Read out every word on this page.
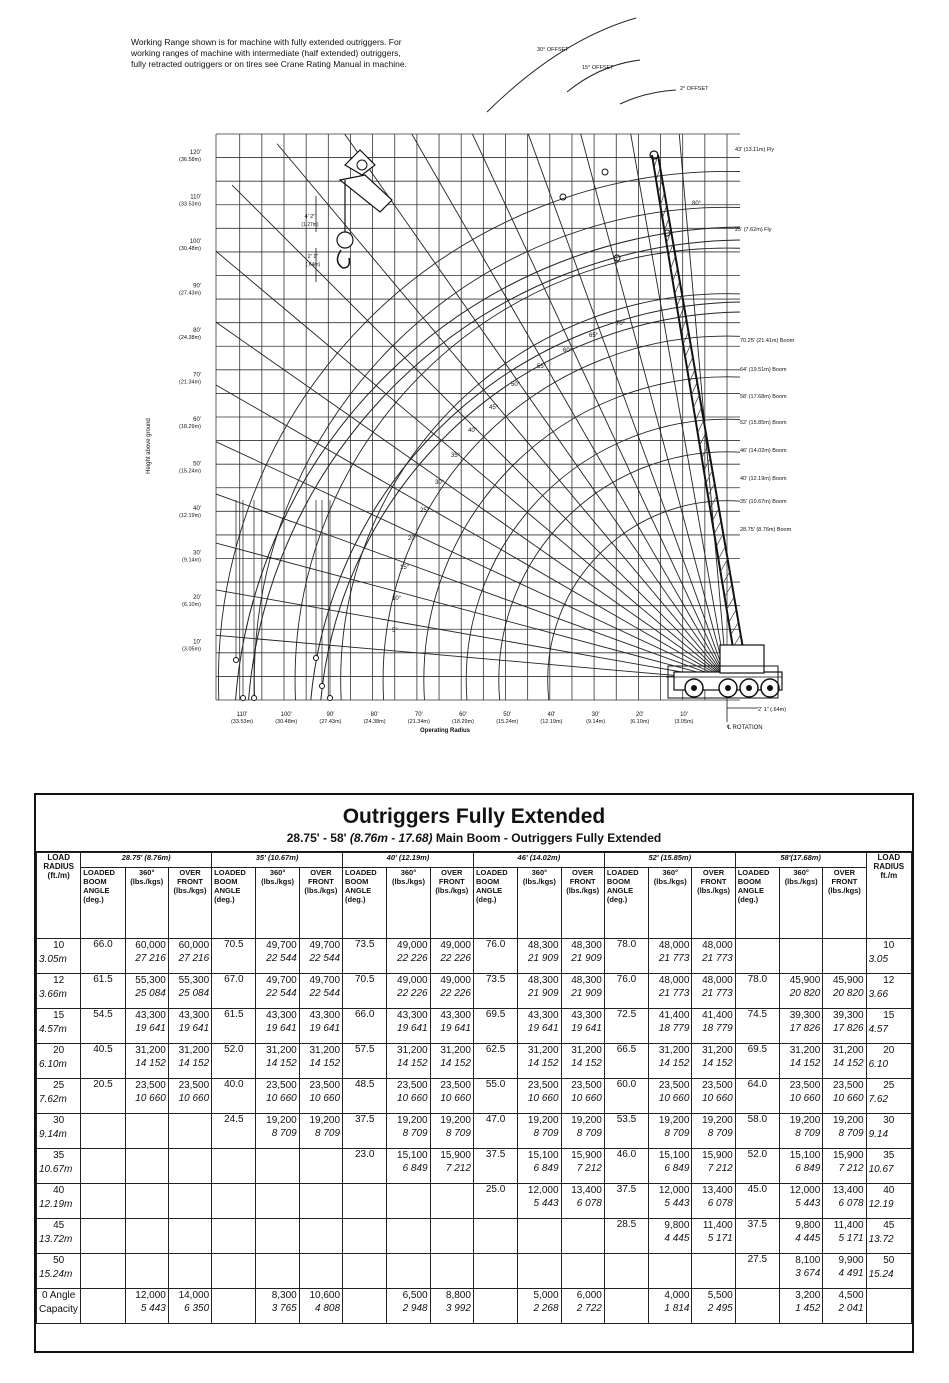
Working Range shown is for machine with fully extended outriggers. For
working ranges of machine with intermediate (half extended) outriggers,
fully retracted outriggers or on tires see Crane Rating Manual in machine.
120'
(36.58m)
110'
(33.53m)
100'
(30.48m)
90'
(27.43m)
80'
(24.38m)
70'
(21.34m)
60'
(18.29m)
50'
(15.24m)
40'
(12.19m)
30'
(9.14m)
20'
(6.10m)
10'
(3.05m)
110'
(33.53m)
100'
(30.48m)
90'
(27.43m)
80'
(24.38m)
70'
(21.34m)
60'
(18.29m)
50'
(15.24m)
40'
(12.19m)
30'
(9.14m)
20'
(6.10m)
10'
(3.05m)
Operating Radius
Height above ground
43' (13.11m) Fly
25' (7.62m) Fly
70.25' (21.41m) Boom
64' (19.51m) Boom
58' (17.68m) Boom
52' (15.85m) Boom
46' (14.02m) Boom
40' (12.19m) Boom
35' (10.67m) Boom
28.75' (8.76m) Boom
5°
10°
15°
20°
25°
30°
35°
40°
45°
50°
55°
60°
65°
70°
80°
30° OFFSET
15° OFFSET
2° OFFSET
2' 1" (.64m)
℄ ROTATION
4' 2"
(1.27m)
2' 1"
(.64m)
Outriggers Fully Extended
28.75' - 58' (8.76m - 17.68) Main Boom - Outriggers Fully Extended
LOAD
RADIUS
(ft./m)	28.75' (8.76m)			35' (10.67m)			40' (12.19m)			46' (14.02m)			52' (15.85m)			58'(17.68m)			LOAD
RADIUS
ft./m
	LOADED
BOOM
ANGLE
(deg.)	360°
(lbs./kgs)	OVER
FRONT
(lbs./kgs)	LOADED
BOOM
ANGLE
(deg.)	360°
(lbs./kgs)	OVER
FRONT
(lbs./kgs)	LOADED
BOOM
ANGLE
(deg.)	360°
(lbs./kgs)	OVER
FRONT
(lbs./kgs)	LOADED
BOOM
ANGLE
(deg.)	360°
(lbs./kgs)	OVER
FRONT
(lbs./kgs)	LOADED
BOOM
ANGLE
(deg.)	360°
(lbs./kgs)	OVER
FRONT
(lbs./kgs)	LOADED
BOOM
ANGLE
(deg.)	360°
(lbs./kgs)	OVER
FRONT
(lbs./kgs)	
10
3.05m	66.0	60,000
27 216	60,000
27 216	70.5	49,700
22 544	49,700
22 544	73.5	49,000
22 226	49,000
22 226	76.0	48,300
21 909	48,300
21 909	78.0	48,000
21 773	48,000
21 773				10
3.05

12
3.66m	61.5	55,300
25 084	55,300
25 084	67.0	49,700
22 544	49,700
22 544	70.5	49,000
22 226	49,000
22 226	73.5	48,300
21 909	48,300
21 909	76.0	48,000
21 773	48,000
21 773	78.0	45,900
20 820	45,900
20 820	12
3.66

15
4.57m	54.5	43,300
19 641	43,300
19 641	61.5	43,300
19 641	43,300
19 641	66.0	43,300
19 641	43,300
19 641	69.5	43,300
19 641	43,300
19 641	72.5	41,400
18 779	41,400
18 779	74.5	39,300
17 826	39,300
17 826	15
4.57

20
6.10m	40.5	31,200
14 152	31,200
14 152	52.0	31,200
14 152	31,200
14 152	57.5	31,200
14 152	31,200
14 152	62.5	31,200
14 152	31,200
14 152	66.5	31,200
14 152	31,200
14 152	69.5	31,200
14 152	31,200
14 152	20
6.10

25
7.62m	20.5	23,500
10 660	23,500
10 660	40.0	23,500
10 660	23,500
10 660	48.5	23,500
10 660	23,500
10 660	55.0	23,500
10 660	23,500
10 660	60.0	23,500
10 660	23,500
10 660	64.0	23,500
10 660	23,500
10 660	25
7.62

30
9.14m				24.5	19,200
8 709	19,200
8 709	37.5	19,200
8 709	19,200
8 709	47.0	19,200
8 709	19,200
8 709	53.5	19,200
8 709	19,200
8 709	58.0	19,200
8 709	19,200
8 709	30
9.14

35
10.67m							23.0	15,100
6 849	15,900
7 212	37.5	15,100
6 849	15,900
7 212	46.0	15,100
6 849	15,900
7 212	52.0	15,100
6 849	15,900
7 212	35
10.67

40
12.19m										25.0	12,000
5 443	13,400
6 078	37.5	12,000
5 443	13,400
6 078	45.0	12,000
5 443	13,400
6 078	40
12.19

45
13.72m													28.5	9,800
4 445	11,400
5 171	37.5	9,800
4 445	11,400
5 171	45
13.72

50
15.24m																27.5	8,100
3 674	9,900
4 491	50
15.24

0 Angle
Capacity		12,000
5 443	14,000
6 350		8,300
3 765	10,600
4 808		6,500
2 948	8,800
3 992		5,000
2 268	6,000
2 722		4,000
1 814	5,500
2 495		3,200
1 452	4,500
2 041	
